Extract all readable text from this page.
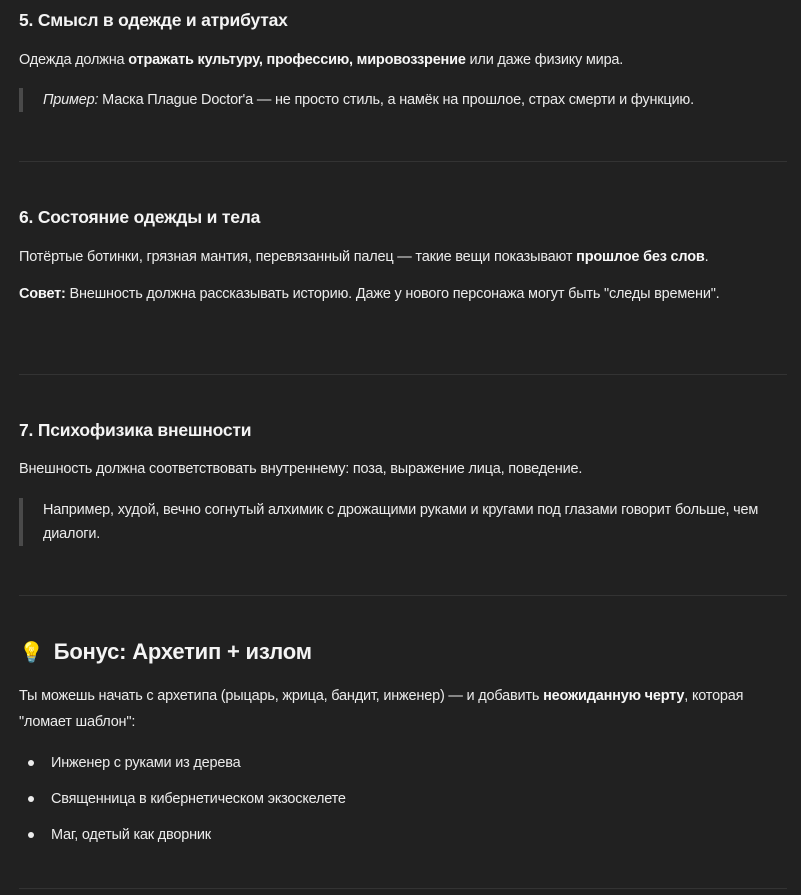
5. Смысл в одежде и атрибутах

Одежда должна отражать культуру, профессию, мировоззрение или даже физику мира.

Пример: Маска Плague Doctor'а — не просто стиль, а намёк на прошлое, страх смерти и функцию.
6. Состояние одежды и тела

Потёртые ботинки, грязная мантия, перевязанный палец — такие вещи показывают прошлое без слов.

Совет: Внешность должна рассказывать историю. Даже у нового персонажа могут быть "следы времени".

7. Психофизика внешности

Внешность должна соответствовать внутреннему: поза, выражение лица, поведение.

Например, худой, вечно согнутый алхимик с дрожащими руками и кругами под глазами говорит больше, чем диалоги.
💡 Бонус: Архетип + излом

Ты можешь начать с архетипа (рыцарь, жрица, бандит, инженер) — и добавить неожиданную черту, которая "ломает шаблон":

Инженер с руками из дерева
Священница в кибернетическом экзоскелете
Маг, одетый как дворник
